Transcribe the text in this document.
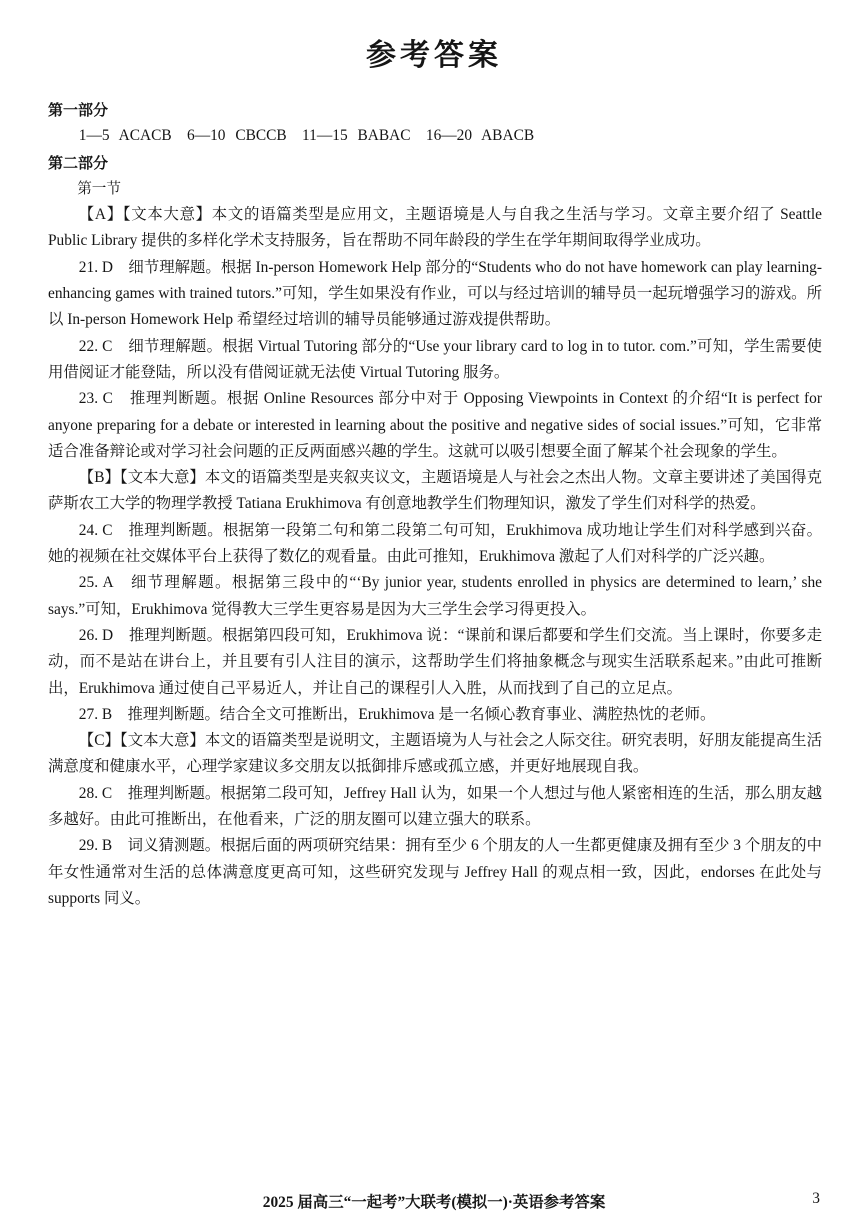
参考答案

第一部分

1—5 ACACB　6—10 CBCCB　11—15 BABAC　16—20 ABACB

第二部分

第一节

【A】【文本大意】本文的语篇类型是应用文，主题语境是人与自我之生活与学习。文章主要介绍了 Seattle Public Library 提供的多样化学术支持服务，旨在帮助不同年龄段的学生在学年期间取得学业成功。

21. D　细节理解题。根据 In-person Homework Help 部分的“Students who do not have homework can play learning-enhancing games with trained tutors.”可知，学生如果没有作业，可以与经过培训的辅导员一起玩增强学习的游戏。所以 In-person Homework Help 希望经过培训的辅导员能够通过游戏提供帮助。

22. C　细节理解题。根据 Virtual Tutoring 部分的“Use your library card to log in to tutor. com.”可知，学生需要使用借阅证才能登陆，所以没有借阅证就无法使 Virtual Tutoring 服务。

23. C　推理判断题。根据 Online Resources 部分中对于 Opposing Viewpoints in Context 的介绍“It is perfect for anyone preparing for a debate or interested in learning about the positive and negative sides of social issues.”可知，它非常适合准备辩论或对学习社会问题的正反两面感兴趣的学生。这就可以吸引想要全面了解某个社会现象的学生。

【B】【文本大意】本文的语篇类型是夹叙夹议文，主题语境是人与社会之杰出人物。文章主要讲述了美国得克萨斯农工大学的物理学教授 Tatiana Erukhimova 有创意地教学生们物理知识，激发了学生们对科学的热爱。

24. C　推理判断题。根据第一段第二句和第二段第二句可知，Erukhimova 成功地让学生们对科学感到兴奋。她的视频在社交媒体平台上获得了数亿的观看量。由此可推知，Erukhimova 激起了人们对科学的广泛兴趣。

25. A　细节理解题。根据第三段中的“‘By junior year, students enrolled in physics are determined to learn,’ she says.”可知，Erukhimova 觉得教大三学生更容易是因为大三学生会学习得更投入。

26. D　推理判断题。根据第四段可知，Erukhimova 说：“课前和课后都要和学生们交流。当上课时，你要多走动，而不是站在讲台上，并且要有引人注目的演示，这帮助学生们将抽象概念与现实生活联系起来。”由此可推断出，Erukhimova 通过使自己平易近人，并让自己的课程引人入胜，从而找到了自己的立足点。

27. B　推理判断题。结合全文可推断出，Erukhimova 是一名倾心教育事业、满腔热忱的老师。

【C】【文本大意】本文的语篇类型是说明文，主题语境为人与社会之人际交往。研究表明，好朋友能提高生活满意度和健康水平，心理学家建议多交朋友以抵御排斥感或孤立感，并更好地展现自我。

28. C　推理判断题。根据第二段可知，Jeffrey Hall 认为，如果一个人想过与他人紧密相连的生活，那么朋友越多越好。由此可推断出，在他看来，广泛的朋友圈可以建立强大的联系。

29. B　词义猜测题。根据后面的两项研究结果：拥有至少 6 个朋友的人一生都更健康及拥有至少 3 个朋友的中年女性通常对生活的总体满意度更高可知，这些研究发现与 Jeffrey Hall 的观点相一致，因此，endorses 在此处与 supports 同义。

2025 届高三“一起考”大联考(模拟一)·英语参考答案	3
